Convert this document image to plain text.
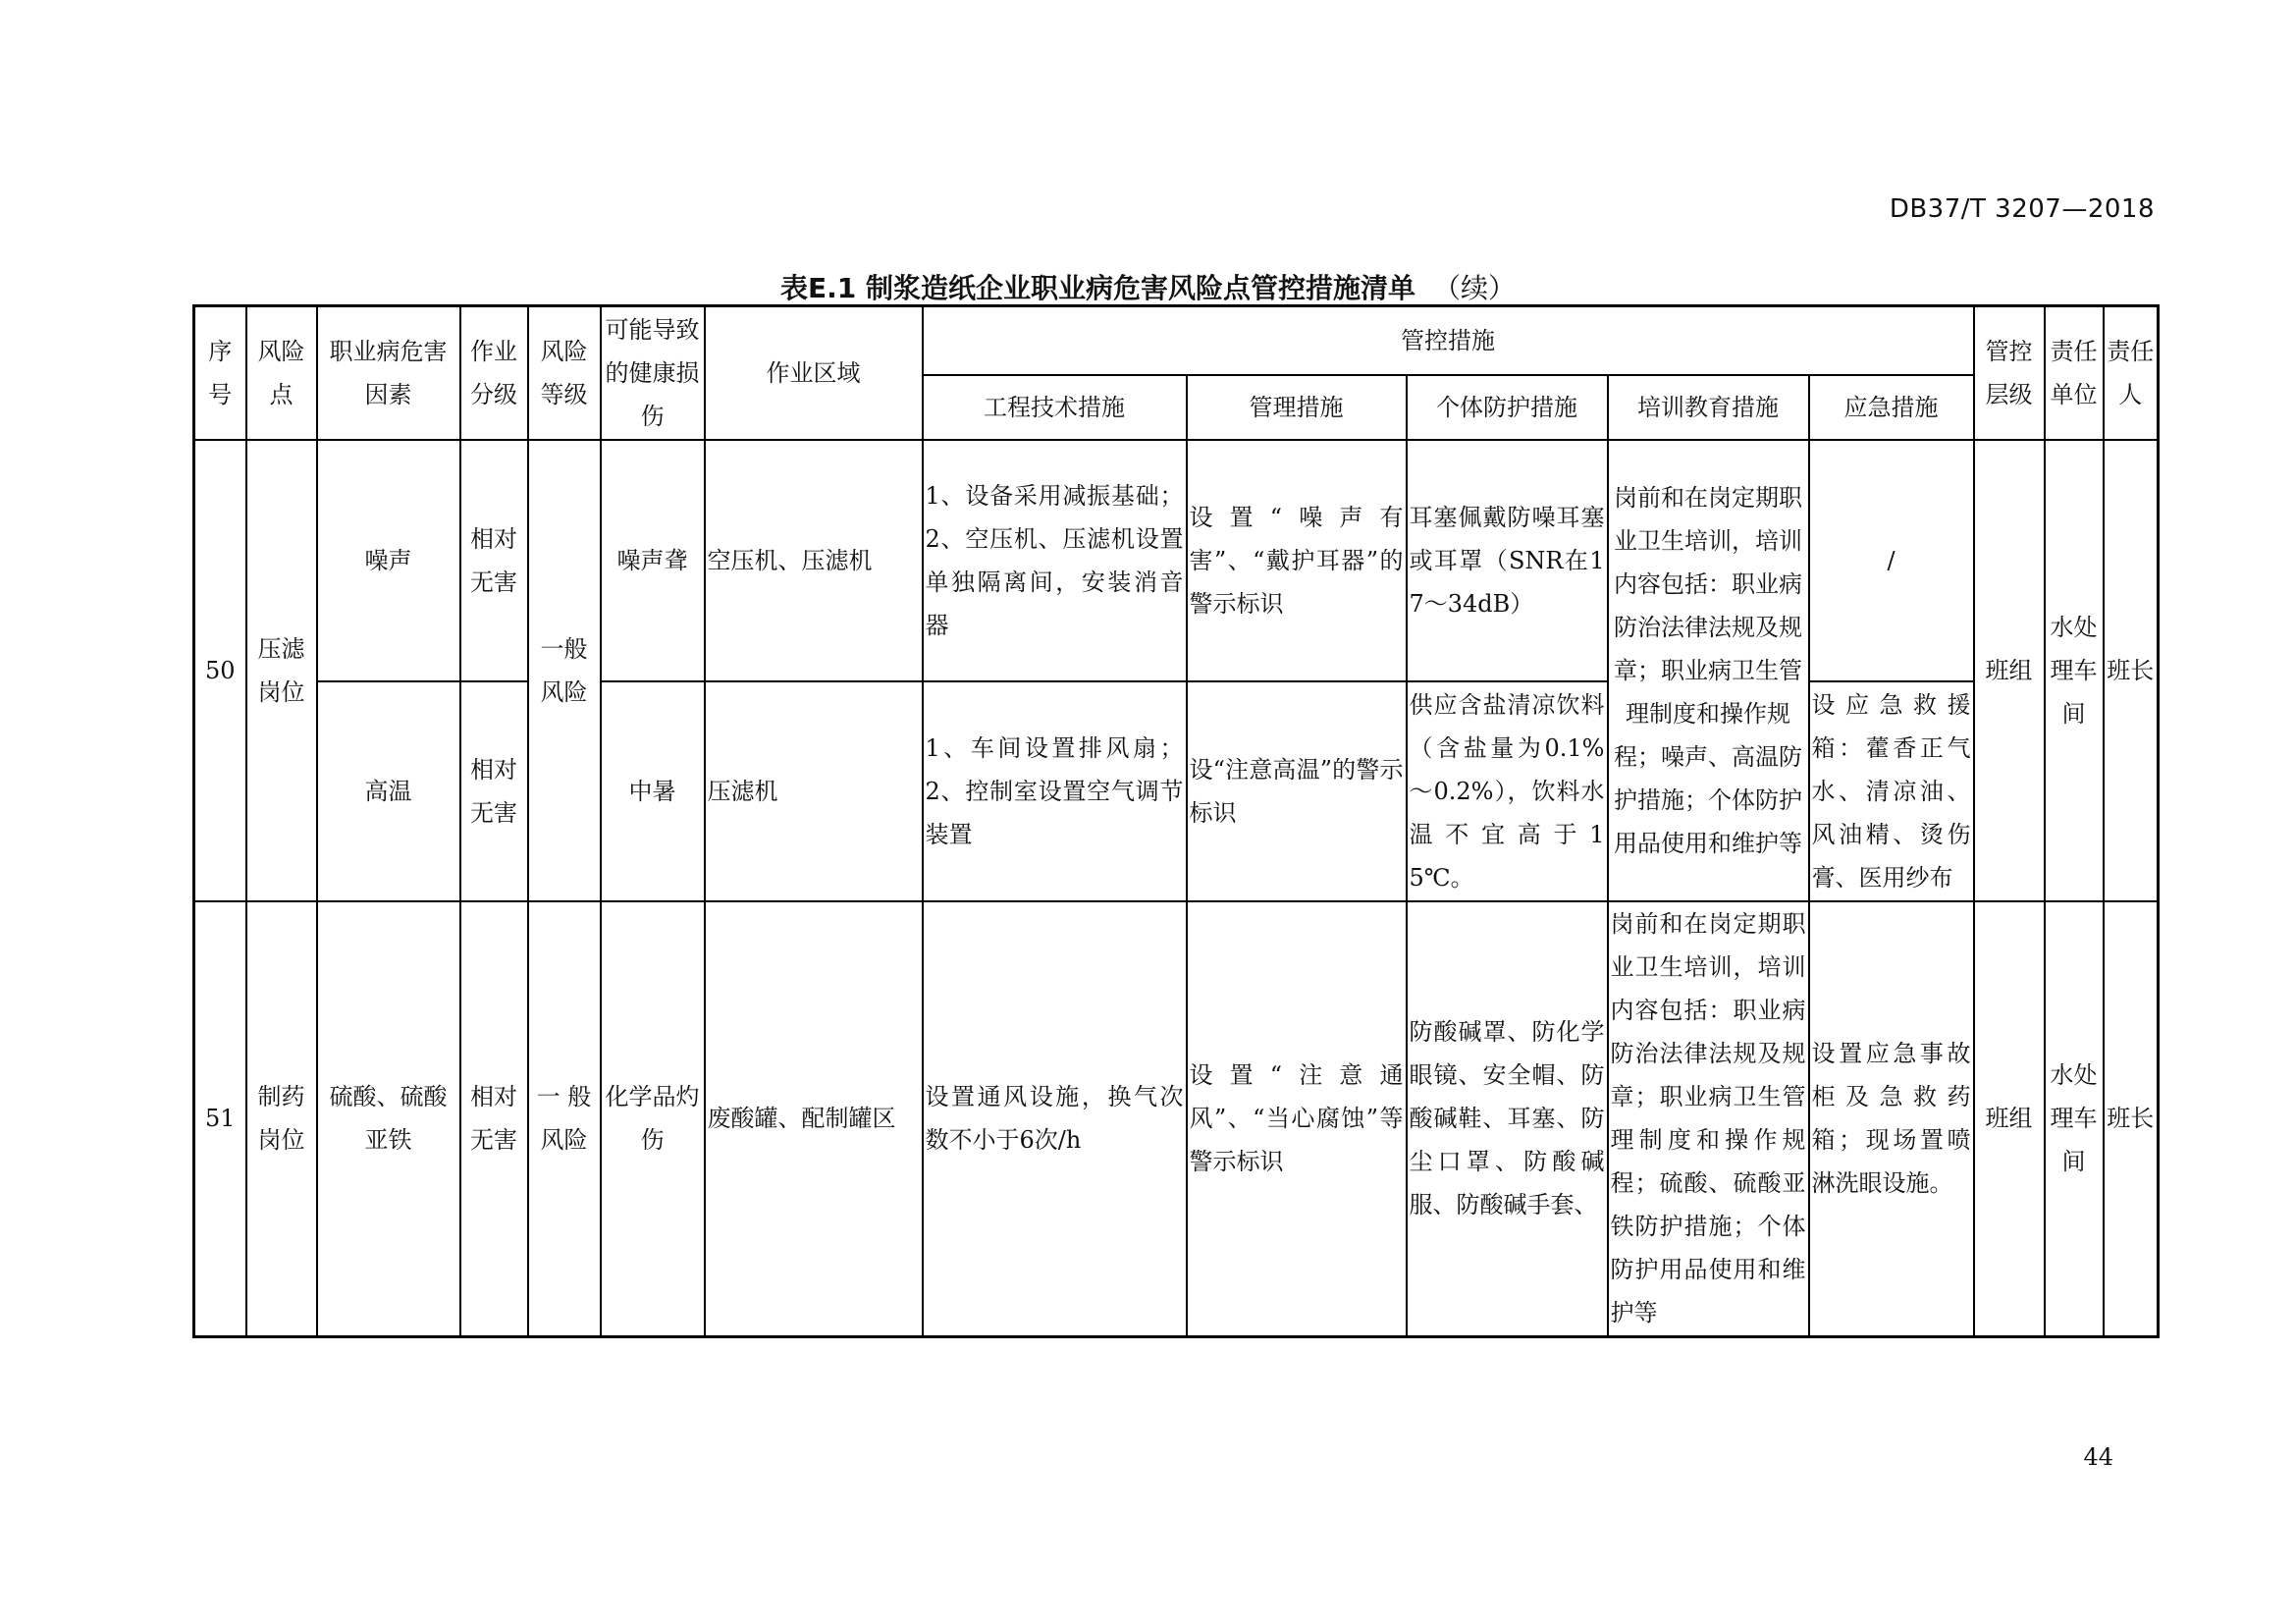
DB37/T 3207—2018
表E.1 制浆造纸企业职业病危害风险点管控措施清单 （续）
序号	风险点	职业病危害因素	作业分级	风险等级	可能导致的健康损伤	作业区域	管控措施					管控层级	责任单位	责任人
							工程技术措施	管理措施	个体防护措施	培训教育措施	应急措施			
50	压滤岗位	噪声	相对无害	一般风险	噪声聋	空压机、压滤机	1、设备采用减振基础；2、空压机、压滤机设置单独隔离间，安装消音器	设置“噪声有害”、“戴护耳器”的警示标识	耳塞佩戴防噪耳塞或耳罩（SNR在17～34dB）	岗前和在岗定期职业卫生培训，培训内容包括：职业病防治法律法规及规章；职业病卫生管理制度和操作规程；噪声、高温防护措施；个体防护用品使用和维护等	/	班组	水处理车间	班长
		高温	相对无害		中暑	压滤机	1、车间设置排风扇；2、控制室设置空气调节装置	设“注意高温”的警示标识	供应含盐清凉饮料（含盐量为0.1%～0.2%），饮料水温不宜高于15℃。		设应急救援箱：藿香正气水、清凉油、风油精、烫伤膏、医用纱布			
51	制药岗位	硫酸、硫酸亚铁	相对无害	一 般风险	化学品灼伤	废酸罐、配制罐区	设置通风设施，换气次数不小于6次/h	设置“注意通风”、“当心腐蚀”等警示标识	防酸碱罩、防化学眼镜、安全帽、防酸碱鞋、耳塞、防尘口罩、防酸碱服、防酸碱手套、	岗前和在岗定期职业卫生培训，培训内容包括：职业病防治法律法规及规章；职业病卫生管理制度和操作规程；硫酸、硫酸亚铁防护措施；个体防护用品使用和维护等	设置应急事故柜及急救药箱；现场置喷淋洗眼设施。	班组	水处理车间	班长
44
